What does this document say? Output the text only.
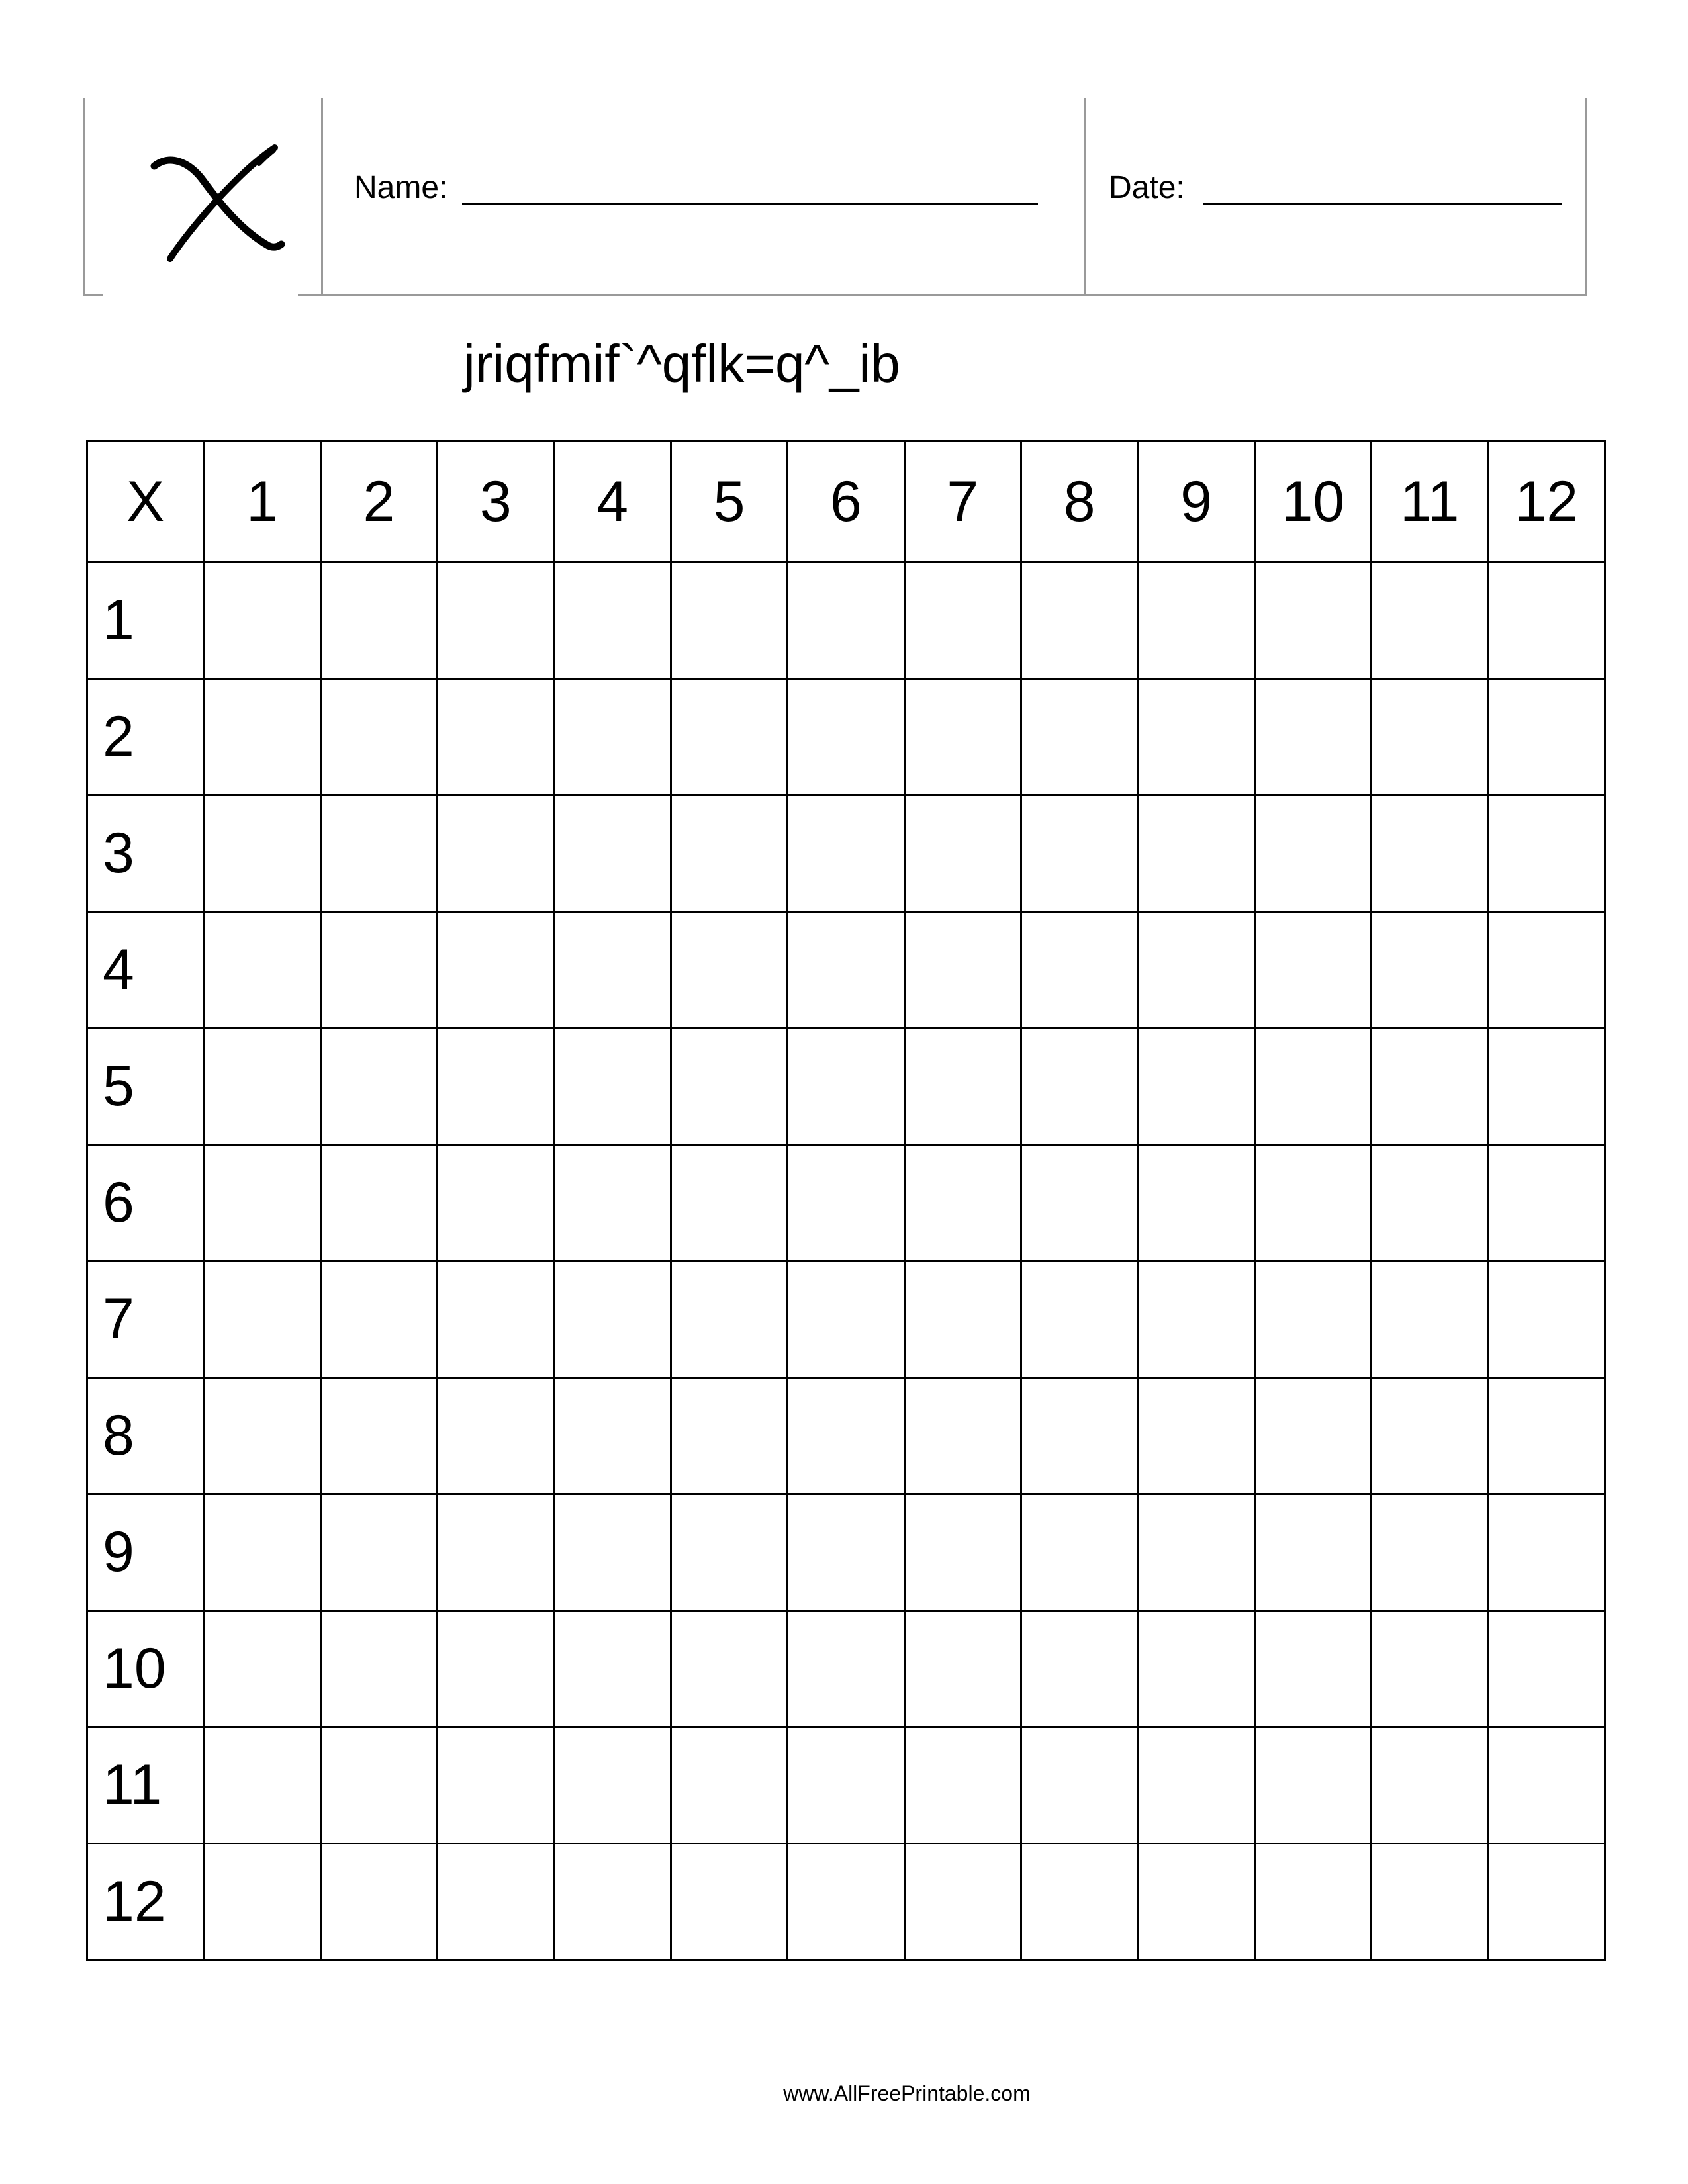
Name:	Date:
jriqfmif`^qflk=q^_ib
X	1	2	3	4	5	6	7	8	9	10	11	12
1												
2												
3												
4												
5												
6												
7												
8												
9												
10												
11												
12												
www.AllFreePrintable.com
